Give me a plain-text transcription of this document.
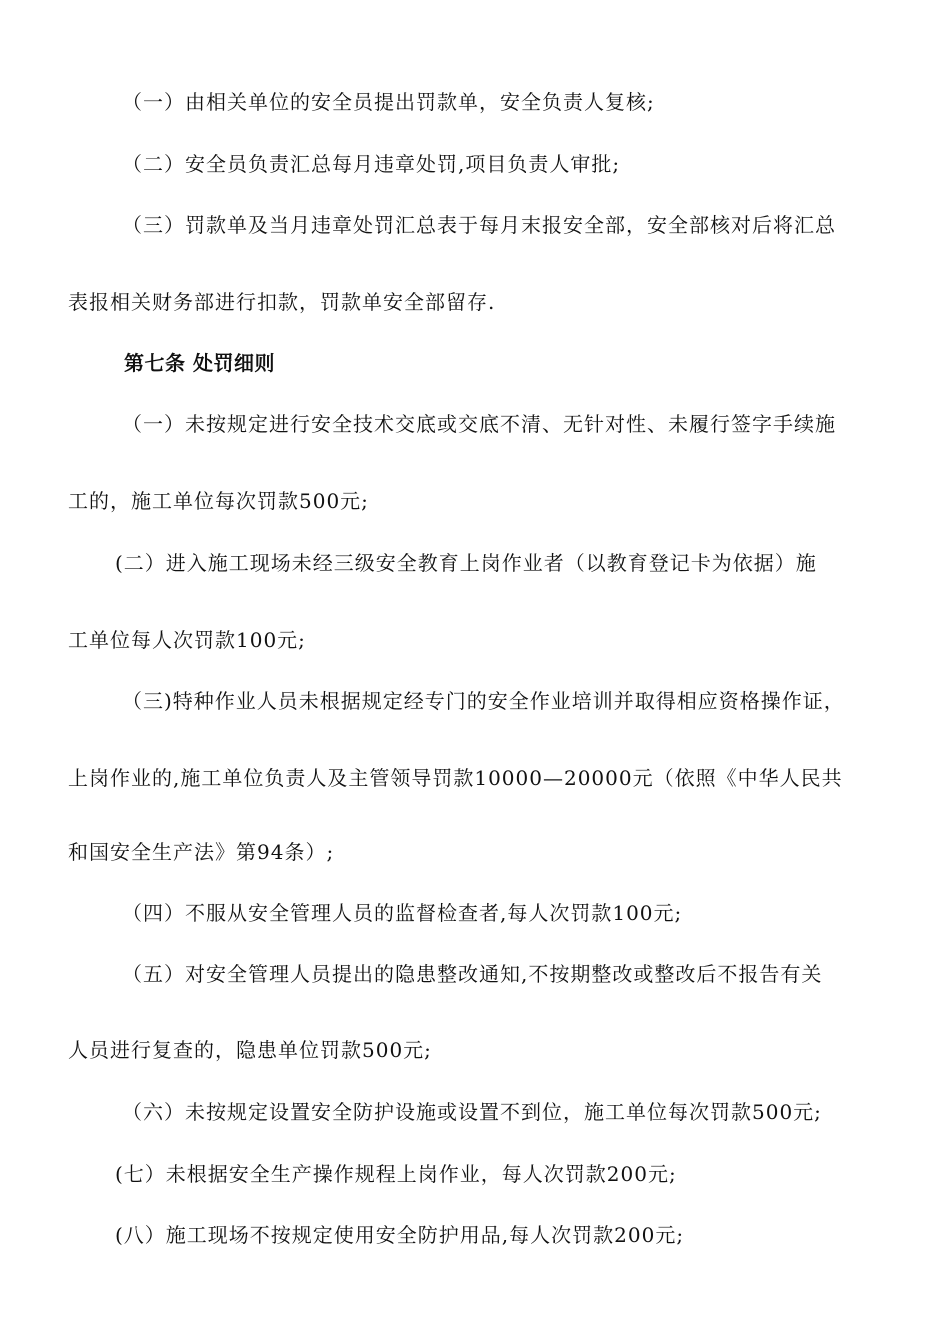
（一）由相关单位的安全员提出罚款单，安全负责人复核;
（二）安全员负责汇总每月违章处罚,项目负责人审批;
（三）罚款单及当月违章处罚汇总表于每月末报安全部，安全部核对后将汇总
表报相关财务部进行扣款，罚款单安全部留存.
第七条 处罚细则
（一）未按规定进行安全技术交底或交底不清、无针对性、未履行签字手续施
工的，施工单位每次罚款500元;
(二）进入施工现场未经三级安全教育上岗作业者（以教育登记卡为依据）施
工单位每人次罚款100元;
（三)特种作业人员未根据规定经专门的安全作业培训并取得相应资格操作证，
上岗作业的,施工单位负责人及主管领导罚款10000—20000元（依照《中华人民共
和国安全生产法》第94条）;
（四）不服从安全管理人员的监督检查者,每人次罚款100元;
（五）对安全管理人员提出的隐患整改通知,不按期整改或整改后不报告有关
人员进行复查的，隐患单位罚款500元;
（六）未按规定设置安全防护设施或设置不到位，施工单位每次罚款500元;
(七）未根据安全生产操作规程上岗作业，每人次罚款200元;
(八）施工现场不按规定使用安全防护用品,每人次罚款200元;
